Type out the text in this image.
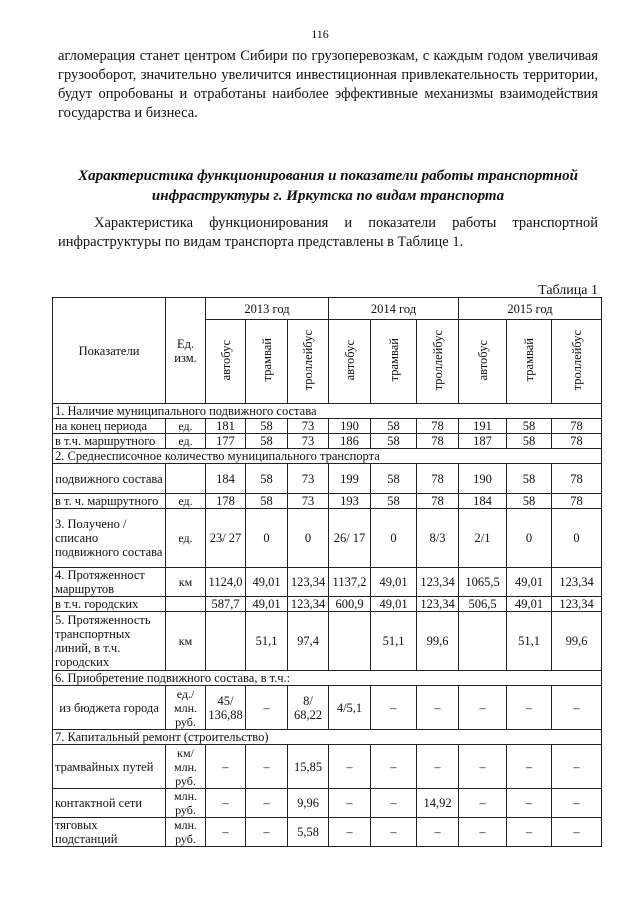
116

агломерация станет центром Сибири по грузоперевозкам, с каждым годом увеличивая грузооборот, значительно увеличится инвестиционная привлекательность территории, будут опробованы и отработаны наиболее эффективные механизмы взаимодействия государства и бизнеса.

Характеристика функционирования и показатели работы транспортной инфраструктуры г. Иркутска по видам транспорта

Характеристика функционирования и показатели работы транспортной инфраструктуры по видам транспорта представлены в Таблице 1.

Таблица 1
Показатели	Ед. изм.	2013 год			2014 год			2015 год		
		автобус	трамвай	троллейбус	автобус	трамвай	троллейбус	автобус	трамвай	троллейбус
1. Наличие муниципального подвижного состава										
на конец периода	ед.	181	58	73	190	58	78	191	58	78
в т.ч. маршрутного	ед.	177	58	73	186	58	78	187	58	78
2. Среднесписочное количество муниципального транспорта										
подвижного состава		184	58	73	199	58	78	190	58	78
в т. ч. маршрутного	ед.	178	58	73	193	58	78	184	58	78
3. Получено / списано подвижного состава	ед.	23/ 27	0	0	26/ 17	0	8/3	2/1	0	0
4. Протяженност маршрутов	км	1124,0	49,01	123,34	1137,2	49,01	123,34	1065,5	49,01	123,34
в т.ч. городских		587,7	49,01	123,34	600,9	49,01	123,34	506,5	49,01	123,34
5. Протяженность транспортных линий, в т.ч. городских	км		51,1	97,4		51,1	99,6		51,1	99,6
6. Приобретение подвижного состава, в т.ч.:										
из бюджета города	ед./ млн. руб.	45/ 136,88	–	8/ 68,22	4/5,1	–	–	–	–	–
7. Капитальный ремонт (строительство)										
трамвайных путей	км/ млн. руб.	–	–	15,85	–	–	–	–	–	–
контактной сети	млн. руб.	–	–	9,96	–	–	14,92	–	–	–
тяговых подстанций	млн. руб.	–	–	5,58	–	–	–	–	–	–
